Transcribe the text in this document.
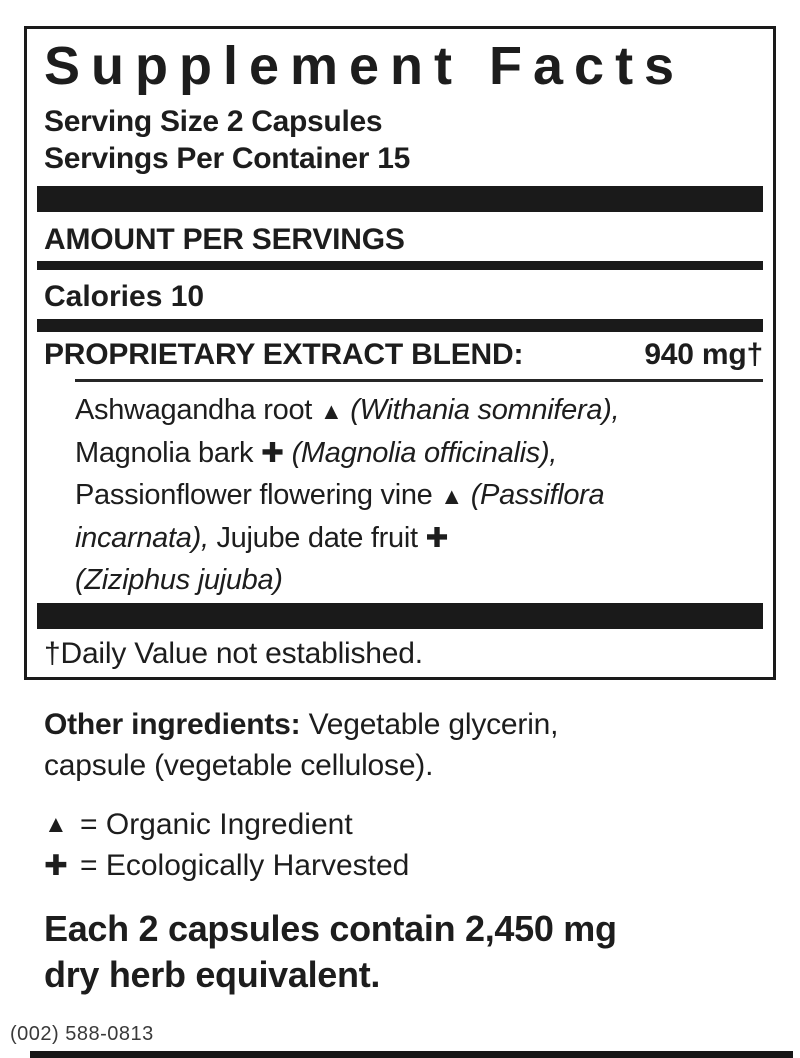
Supplement Facts
Serving Size 2 Capsules
Servings Per Container 15
AMOUNT PER SERVINGS
Calories 10
PROPRIETARY EXTRACT BLEND:	940 mg†
Ashwagandha root ▲ (Withania somnifera),
Magnolia bark ✚ (Magnolia officinalis),
Passionflower flowering vine ▲ (Passiflora
incarnata), Jujube date fruit ✚
(Ziziphus jujuba)
†Daily Value not established.
Other ingredients: Vegetable glycerin,
capsule (vegetable cellulose).
▲ = Organic Ingredient
✚ = Ecologically Harvested
Each 2 capsules contain 2,450 mg
dry herb equivalent.
(002) 588-0813
